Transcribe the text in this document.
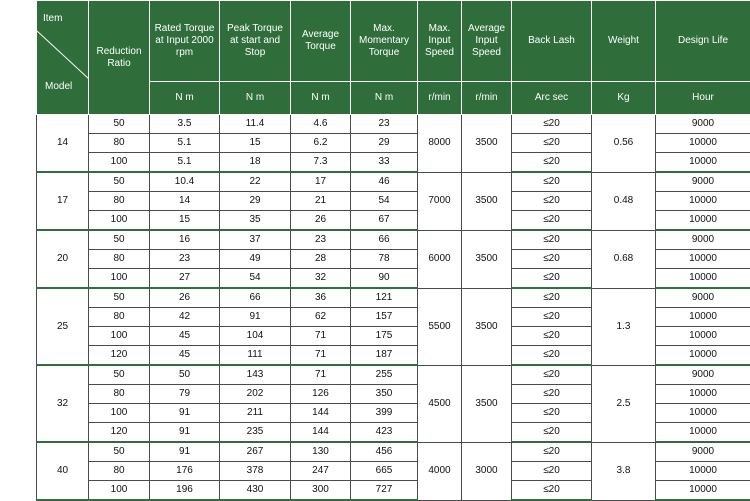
Item
Model	Reduction Ratio	Rated Torque at Input 2000 rpm	Peak Torque at start and Stop	Average Torque	Max. Momentary Torque	Max. Input Speed	Average Input Speed	Back Lash	Weight	Design Life
		N m	N m	N m	N m	r/min	r/min	Arc sec	Kg	Hour
14	50	3.5	11.4	4.6	23	8000	3500	≤20	0.56	9000
	80	5.1	15	6.2	29			≤20		10000
	100	5.1	18	7.3	33			≤20		10000
17	50	10.4	22	17	46	7000	3500	≤20	0.48	9000
	80	14	29	21	54			≤20		10000
	100	15	35	26	67			≤20		10000
20	50	16	37	23	66	6000	3500	≤20	0.68	9000
	80	23	49	28	78			≤20		10000
	100	27	54	32	90			≤20		10000
25	50	26	66	36	121	5500	3500	≤20	1.3	9000
	80	42	91	62	157			≤20		10000
	100	45	104	71	175			≤20		10000
	120	45	111	71	187			≤20		10000
32	50	50	143	71	255	4500	3500	≤20	2.5	9000
	80	79	202	126	350			≤20		10000
	100	91	211	144	399			≤20		10000
	120	91	235	144	423			≤20		10000
40	50	91	267	130	456	4000	3000	≤20	3.8	9000
	80	176	378	247	665			≤20		10000
	100	196	430	300	727			≤20		10000
